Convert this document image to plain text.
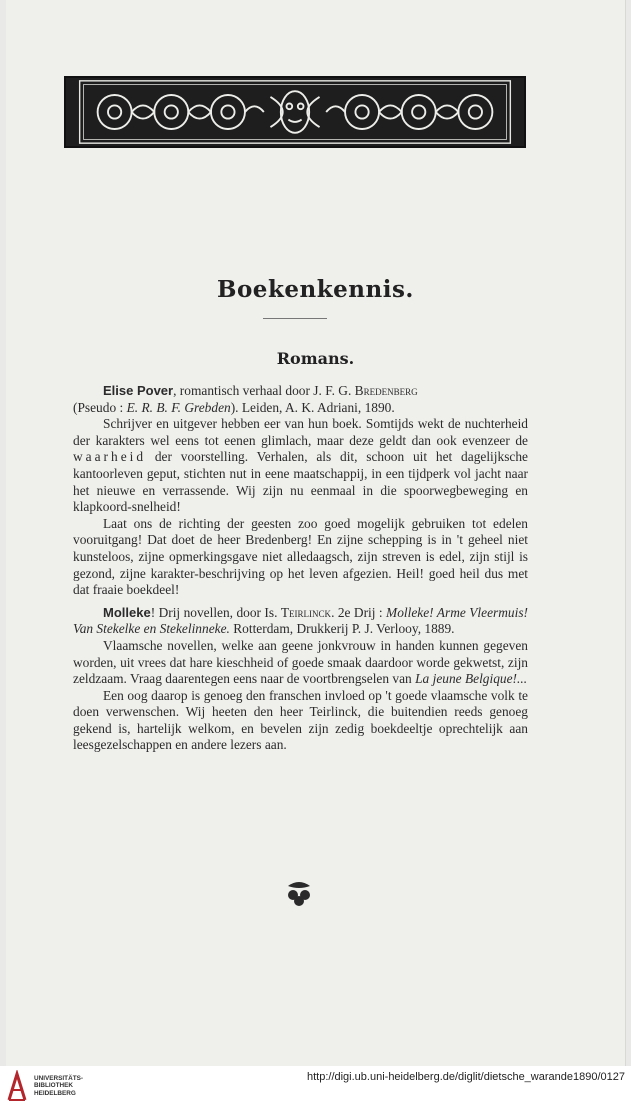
Boekenkennis.
Romans.

Elise Pover, romantisch verhaal door J. F. G. Bredenberg

(Pseudo : E. R. B. F. Grebden). Leiden, A. K. Adriani, 1890.

Schrijver en uitgever hebben eer van hun boek. Somtijds wekt de nuchterheid der karakters wel eens tot eenen glimlach, maar deze geldt dan ook evenzeer de waarheid der voorstelling. Verhalen, als dit, schoon uit het dagelijksche kantoorleven geput, stichten nut in eene maatschappij, in een tijdperk vol jacht naar het nieuwe en verrassende. Wij zijn nu eenmaal in die spoorwegbeweging en klapkoord-snelheid!

Laat ons de richting der geesten zoo goed mogelijk gebruiken tot edelen vooruitgang! Dat doet de heer Bredenberg! En zijne schepping is in 't geheel niet kunsteloos, zijne opmerkingsgave niet alledaagsch, zijn streven is edel, zijn stijl is gezond, zijne karakter-beschrijving op het leven afgezien. Heil! goed heil dus met dat fraaie boekdeel!

Molleke! Drij novellen, door Is. Teirlinck. 2e Drij : Molleke! Arme Vleermuis! Van Stekelke en Stekelinneke. Rotterdam, Drukkerij P. J. Verlooy, 1889.

Vlaamsche novellen, welke aan geene jonkvrouw in handen kunnen gegeven worden, uit vrees dat hare kieschheid of goede smaak daardoor worde gekwetst, zijn zeldzaam. Vraag daarentegen eens naar de voortbrengselen van La jeune Belgique!...

Een oog daarop is genoeg den franschen invloed op 't goede vlaamsche volk te doen verwenschen. Wij heeten den heer Teirlinck, die buitendien reeds genoeg gekend is, hartelijk welkom, en bevelen zijn zedig boekdeeltje oprechtelijk aan leesgezelschappen en andere lezers aan.

UNIVERSITÄTS-
BIBLIOTHEK
HEIDELBERG
http://digi.ub.uni-heidelberg.de/diglit/dietsche_warande1890/0127
